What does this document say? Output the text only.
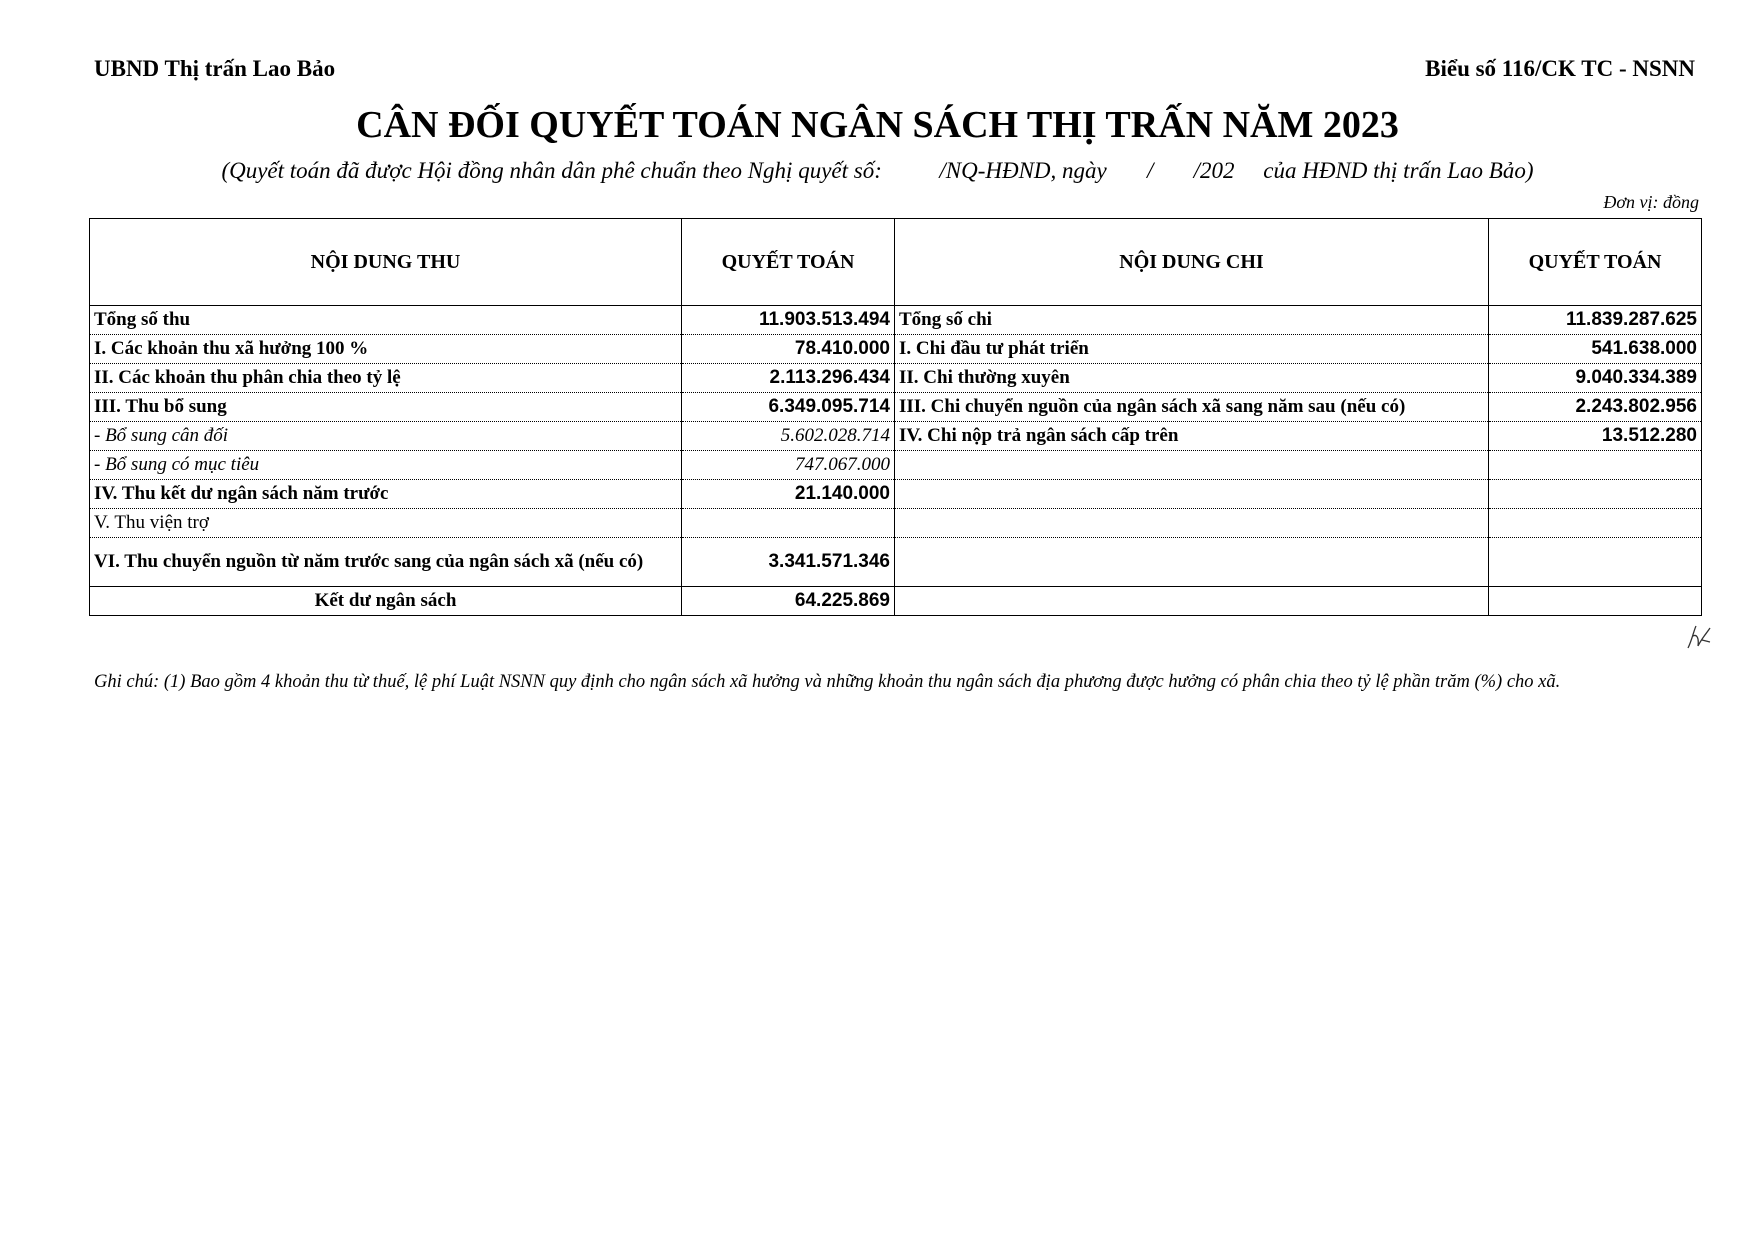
UBND Thị trấn Lao Bảo	Biểu số 116/CK TC - NSNN
CÂN ĐỐI QUYẾT TOÁN NGÂN SÁCH THỊ TRẤN NĂM 2023
(Quyết toán đã được Hội đồng nhân dân phê chuẩn theo Nghị quyết số:          /NQ-HĐND, ngày       /       /202     của HĐND thị trấn Lao Bảo)
Đơn vị: đồng
NỘI DUNG THU	QUYẾT TOÁN	NỘI DUNG CHI	QUYẾT TOÁN
Tổng số thu	11.903.513.494	Tổng số chi	11.839.287.625
I. Các khoản thu xã hưởng 100 %	78.410.000	I. Chi đầu tư phát triển	541.638.000
II. Các khoản thu phân chia theo tỷ lệ	2.113.296.434	II. Chi thường xuyên	9.040.334.389
III. Thu bổ sung	6.349.095.714	III. Chi chuyển nguồn của ngân sách xã sang năm sau (nếu có)	2.243.802.956
- Bổ sung cân đối	5.602.028.714	IV. Chi nộp trả ngân sách cấp trên	13.512.280
- Bổ sung có mục tiêu	747.067.000		
IV. Thu kết dư ngân sách năm trước	21.140.000		
V. Thu viện trợ			
VI. Thu chuyển nguồn từ năm trước sang của ngân sách xã (nếu có)	3.341.571.346		
Kết dư ngân sách	64.225.869		
Ghi chú: (1) Bao gồm 4 khoản thu từ thuế, lệ phí Luật NSNN quy định cho ngân sách xã hưởng và những khoản thu ngân sách địa phương được hưởng có phân chia theo tỷ lệ phần trăm (%) cho xã.
